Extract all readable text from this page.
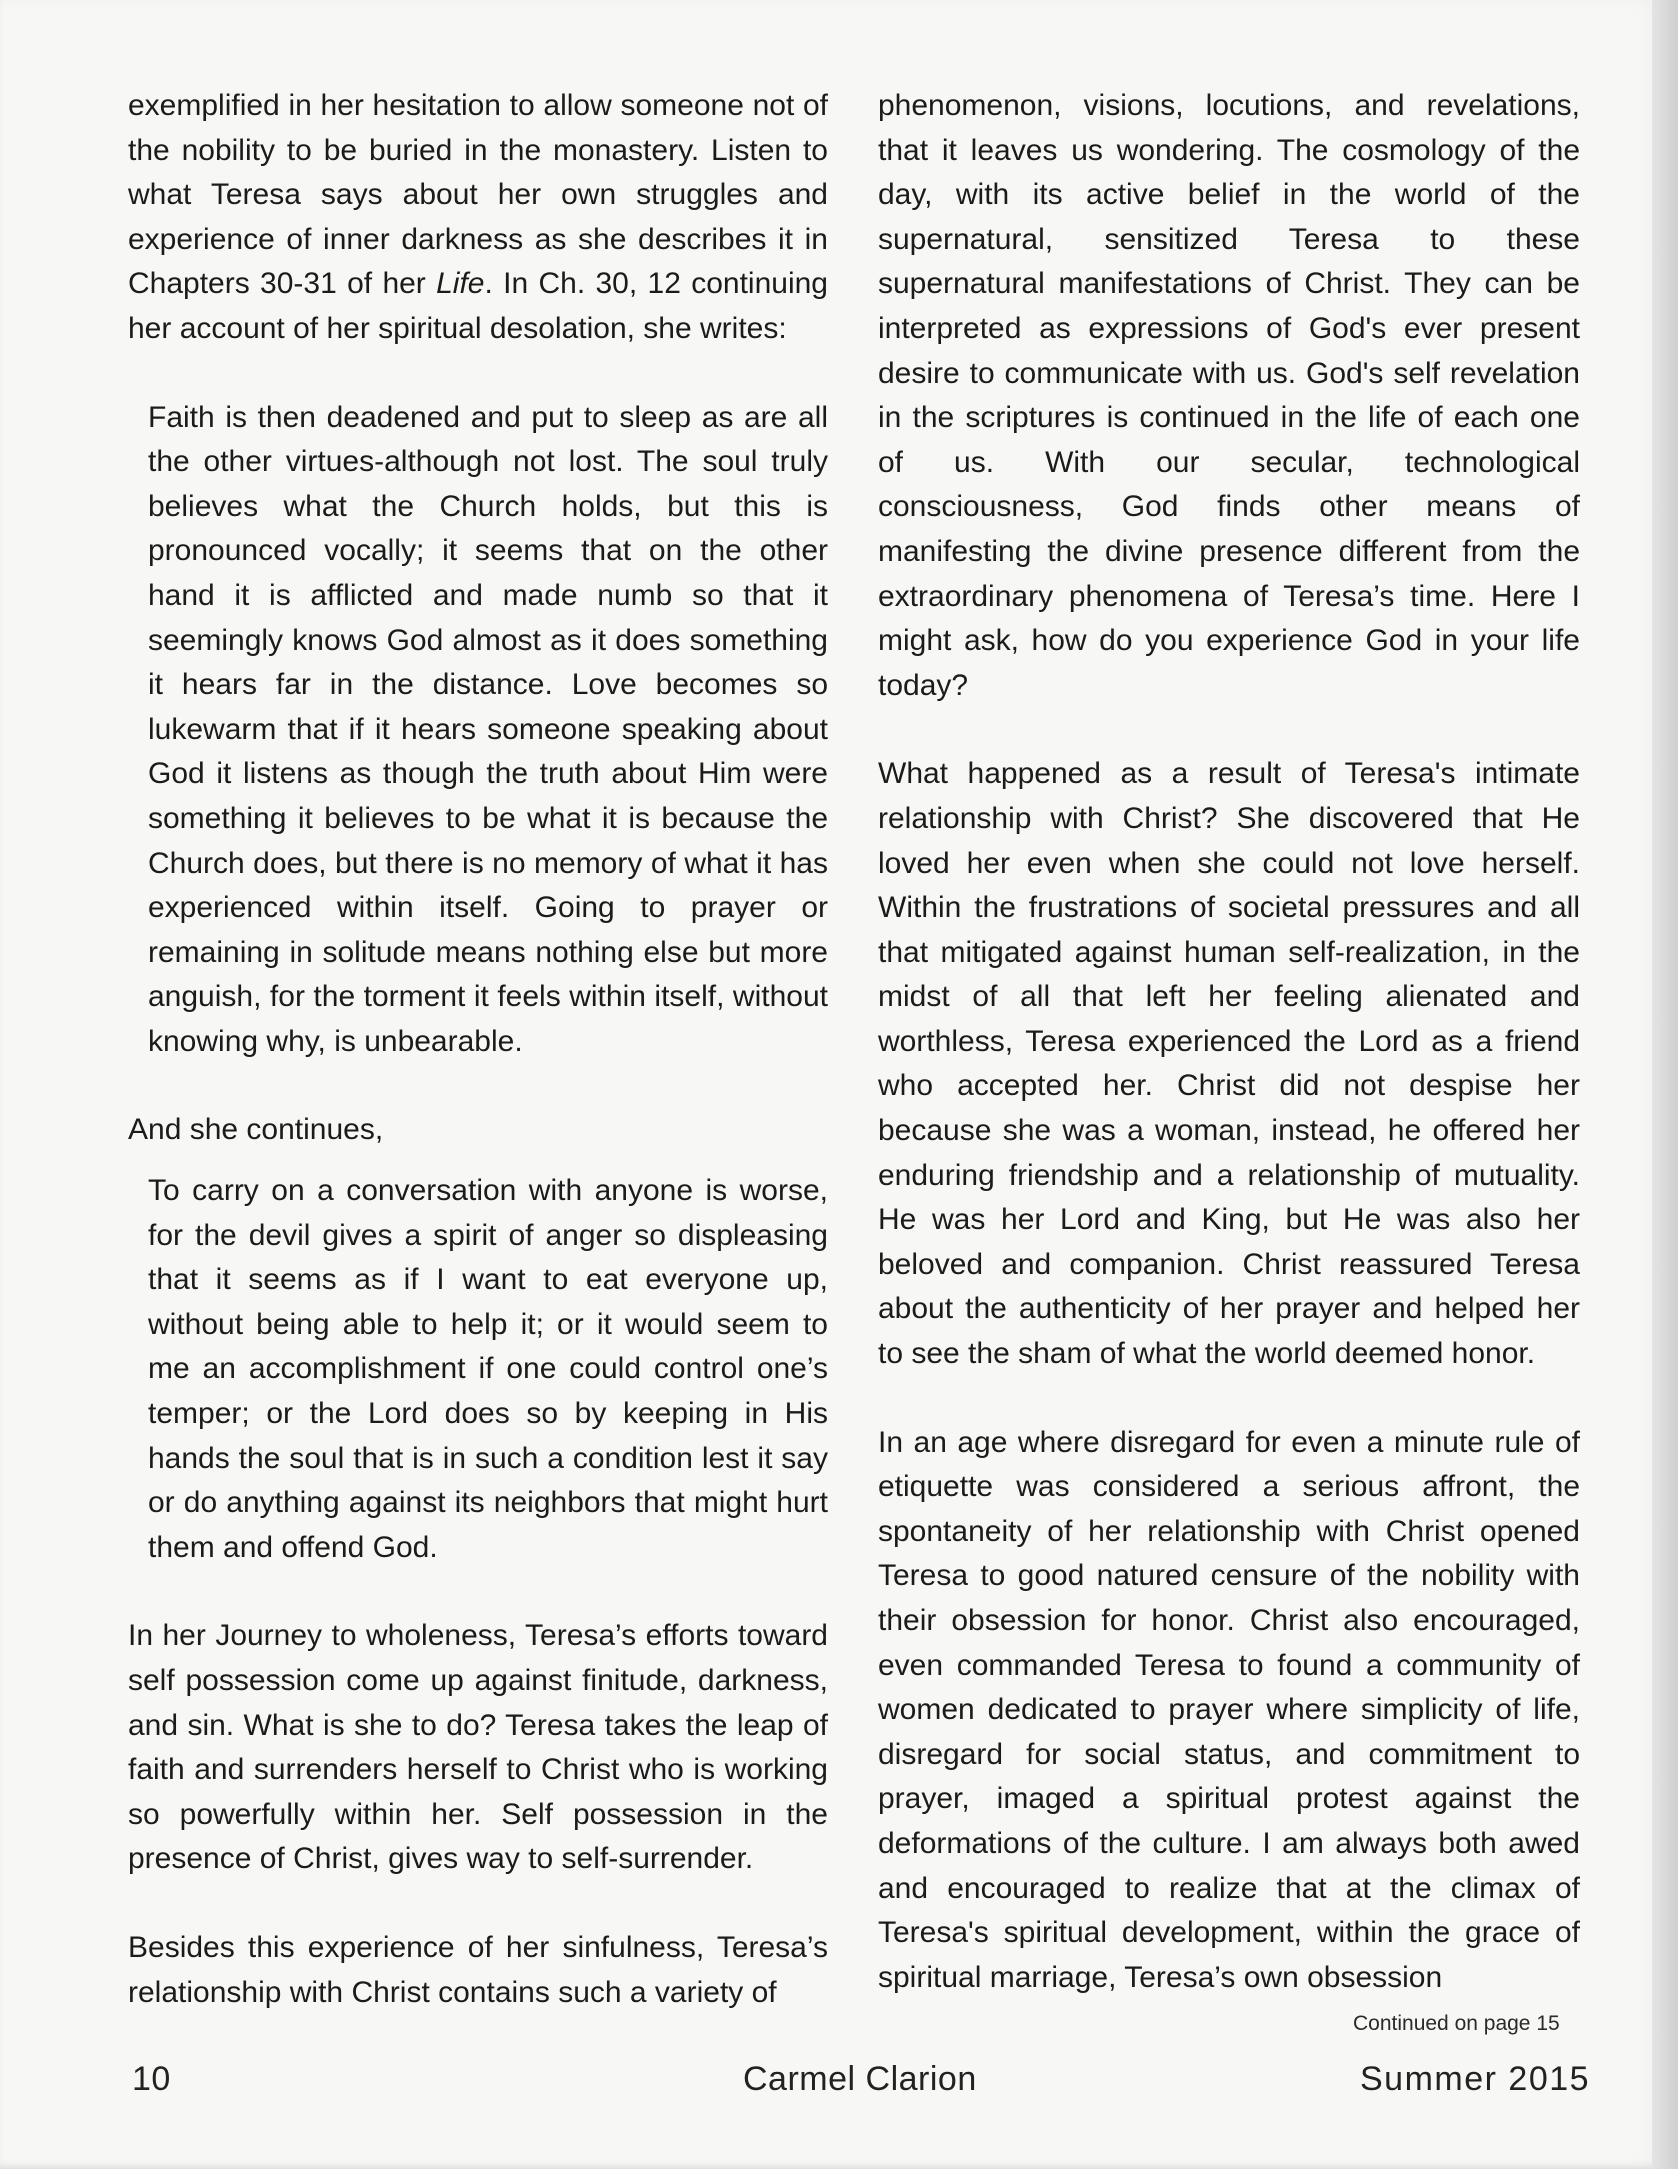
exemplified in her hesitation to allow someone not of the nobility to be buried in the monastery. Listen to what Teresa says about her own struggles and experience of inner darkness as she describes it in Chapters 30-31 of her Life. In Ch. 30, 12 continuing her account of her spiritual desolation, she writes:

Faith is then deadened and put to sleep as are all the other virtues-although not lost. The soul truly believes what the Church holds, but this is pronounced vocally; it seems that on the other hand it is afflicted and made numb so that it seemingly knows God almost as it does something it hears far in the distance. Love becomes so lukewarm that if it hears someone speaking about God it listens as though the truth about Him were something it believes to be what it is because the Church does, but there is no memory of what it has experienced within itself. Going to prayer or remaining in solitude means nothing else but more anguish, for the torment it feels within itself, without knowing why, is unbearable.

And she continues,

To carry on a conversation with anyone is worse, for the devil gives a spirit of anger so displeasing that it seems as if I want to eat everyone up, without being able to help it; or it would seem to me an accomplishment if one could control one’s temper; or the Lord does so by keeping in His hands the soul that is in such a condition lest it say or do anything against its neighbors that might hurt them and offend God.

In her Journey to wholeness, Teresa’s efforts toward self possession come up against finitude, darkness, and sin. What is she to do? Teresa takes the leap of faith and surrenders herself to Christ who is working so powerfully within her. Self possession in the presence of Christ, gives way to self-surrender.

Besides this experience of her sinfulness, Teresa’s relationship with Christ contains such a variety of

phenomenon, visions, locutions, and revelations, that it leaves us wondering. The cosmology of the day, with its active belief in the world of the supernatural, sensitized Teresa to these supernatural manifestations of Christ. They can be interpreted as expressions of God's ever present desire to communicate with us. God's self revelation in the scriptures is continued in the life of each one of us. With our secular, technological consciousness, God finds other means of manifesting the divine presence different from the extraordinary phenomena of Teresa’s time. Here I might ask, how do you experience God in your life today?

What happened as a result of Teresa's intimate relationship with Christ? She discovered that He loved her even when she could not love herself. Within the frustrations of societal pressures and all that mitigated against human self-realization, in the midst of all that left her feeling alienated and worthless, Teresa experienced the Lord as a friend who accepted her. Christ did not despise her because she was a woman, instead, he offered her enduring friendship and a relationship of mutuality. He was her Lord and King, but He was also her beloved and companion. Christ reassured Teresa about the authenticity of her prayer and helped her to see the sham of what the world deemed honor.

In an age where disregard for even a minute rule of etiquette was considered a serious affront, the spontaneity of her relationship with Christ opened Teresa to good natured censure of the nobility with their obsession for honor. Christ also encouraged, even commanded Teresa to found a community of women dedicated to prayer where simplicity of life, disregard for social status, and commitment to prayer, imaged a spiritual protest against the deformations of the culture. I am always both awed and encouraged to realize that at the climax of Teresa's spiritual development, within the grace of spiritual marriage, Teresa’s own obsession

Continued on page 15
10	Carmel Clarion	Summer 2015
